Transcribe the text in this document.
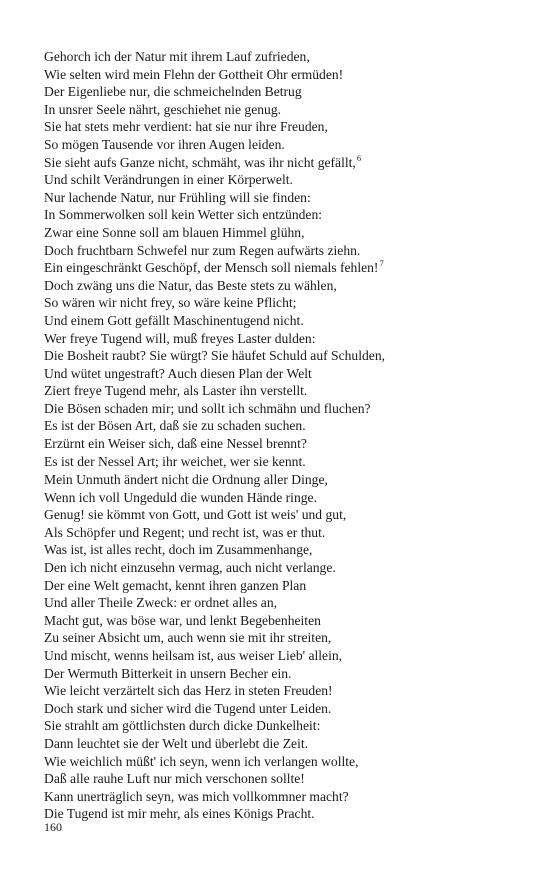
Gehorch ich der Natur mit ihrem Lauf zufrieden,
Wie selten wird mein Flehn der Gottheit Ohr ermüden!
Der Eigenliebe nur, die schmeichelnden Betrug
In unsrer Seele nährt, geschiehet nie genug.
Sie hat stets mehr verdient: hat sie nur ihre Freuden,
So mögen Tausende vor ihren Augen leiden.
Sie sieht aufs Ganze nicht, schmäht, was ihr nicht gefällt,$^6$
Und schilt Verändrungen in einer Körperwelt.
Nur lachende Natur, nur Frühling will sie finden:
In Sommerwolken soll kein Wetter sich entzünden:
Zwar eine Sonne soll am blauen Himmel glühn,
Doch fruchtbarn Schwefel nur zum Regen aufwärts ziehn.
Ein eingeschränkt Geschöpf, der Mensch soll niemals fehlen!$^7$
Doch zwäng uns die Natur, das Beste stets zu wählen,
So wären wir nicht frey, so wäre keine Pflicht;
Und einem Gott gefällt Maschinentugend nicht.
Wer freye Tugend will, muß freyes Laster dulden:
Die Bosheit raubt? Sie würgt? Sie häufet Schuld auf Schulden,
Und wütet ungestraft? Auch diesen Plan der Welt
Ziert freye Tugend mehr, als Laster ihn verstellt.
Die Bösen schaden mir; und sollt ich schmähn und fluchen?
Es ist der Bösen Art, daß sie zu schaden suchen.
Erzürnt ein Weiser sich, daß eine Nessel brennt?
Es ist der Nessel Art; ihr weichet, wer sie kennt.
Mein Unmuth ändert nicht die Ordnung aller Dinge,
Wenn ich voll Ungeduld die wunden Hände ringe.
Genug! sie kömmt von Gott, und Gott ist weis' und gut,
Als Schöpfer und Regent; und recht ist, was er thut.
Was ist, ist alles recht, doch im Zusammenhange,
Den ich nicht einzusehn vermag, auch nicht verlange.
Der eine Welt gemacht, kennt ihren ganzen Plan
Und aller Theile Zweck: er ordnet alles an,
Macht gut, was böse war, und lenkt Begebenheiten
Zu seiner Absicht um, auch wenn sie mit ihr streiten,
Und mischt, wenns heilsam ist, aus weiser Lieb' allein,
Der Wermuth Bitterkeit in unsern Becher ein.
Wie leicht verzärtelt sich das Herz in steten Freuden!
Doch stark und sicher wird die Tugend unter Leiden.
Sie strahlt am göttlichsten durch dicke Dunkelheit:
Dann leuchtet sie der Welt und überlebt die Zeit.
Wie weichlich müßt' ich seyn, wenn ich verlangen wollte,
Daß alle rauhe Luft nur mich verschonen sollte!
Kann unerträglich seyn, was mich vollkommner macht?
Die Tugend ist mir mehr, als eines Königs Pracht.
160
